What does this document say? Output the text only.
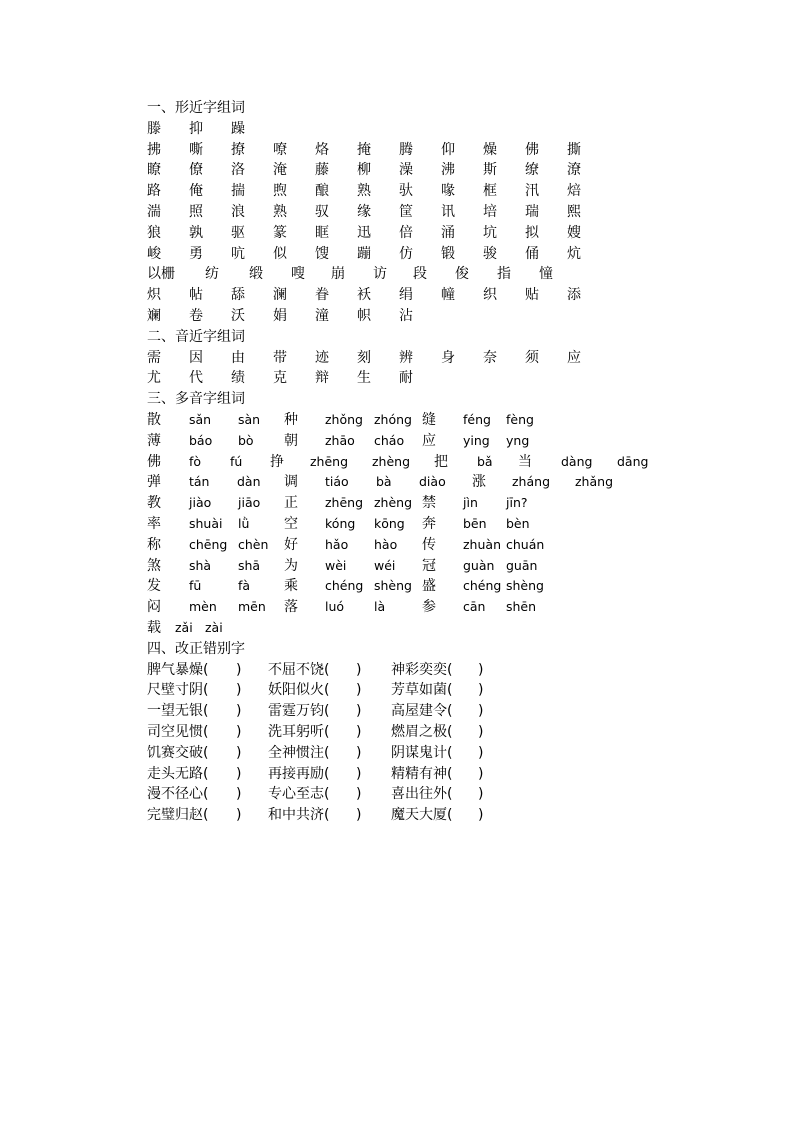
一、形近字组词
滕 抑 躁
拂 嘶 撩 嘹 烙 掩 腾 仰 燥 佛 撕
瞭 僚 洛 淹 藤 柳 澡 沸 斯 缭 潦
路 俺 揣 煦 酿 熟 驮 喙 框 汛 焙
湍 照 浪 熟 驭 缘 筐 讯 培 瑞 熙
狼 孰 驱 篆 眶 迅 倍 涌 坑 拟 嫂
峻 勇 吭 似 馊 蹦 仿 锻 骏 俑 炕
以栅 纺 缎 嗖 崩 访 段 俊 指 憧
炽 帖 舔 澜 眷 袄 绢 幢 织 贴 添
斓 卷 沃 娟 潼 帜 沾
二、音近字组词
需 因 由 带 迹 刻 辨 身 奈 须 应
尤 代 绩 克 辩 生 耐
三、多音字组词
散 sǎn sàn 种 zhǒng zhóng 缝 féng fèng
薄 báo bò 朝 zhāo cháo 应 ying yng
佛 fò fú 挣 zhēng zhèng 把 bǎ 当 dàng dāng
弹 tán dàn 调 tiáo bà diào 涨 zháng zhǎng
教 jiào jiāo 正 zhēng zhèng 禁 jìn jīn?
率 shuài lǜ 空 kóng kōng 奔 bēn bèn
称 chēng chèn 好 hǎo hào 传 zhuàn chuán
煞 shà shā 为 wèi wéi 冠 guàn guān
发 fū	fà 乘 chéng shèng 盛 chéng shèng
闷 mèn mēn 落 luó là	参 cān shēn
载 zǎi zài
四、改正错别字
脾气暴燥( ) 不屈不饶( ) 神彩奕奕( )
尺壁寸阴( ) 妖阳似火( ) 芳草如菌( )
一望无银( ) 雷霆万钧( ) 高屋建令( )
司空见惯( ) 洗耳躬听( ) 燃眉之极( )
饥赛交破( ) 全神惯注( ) 阴谋鬼计( )
走头无路( ) 再接再励( ) 精精有神( )
漫不径心( ) 专心至志( ) 喜出往外( )
完璧归赵( ) 和中共济( ) 魔天大厦( )
